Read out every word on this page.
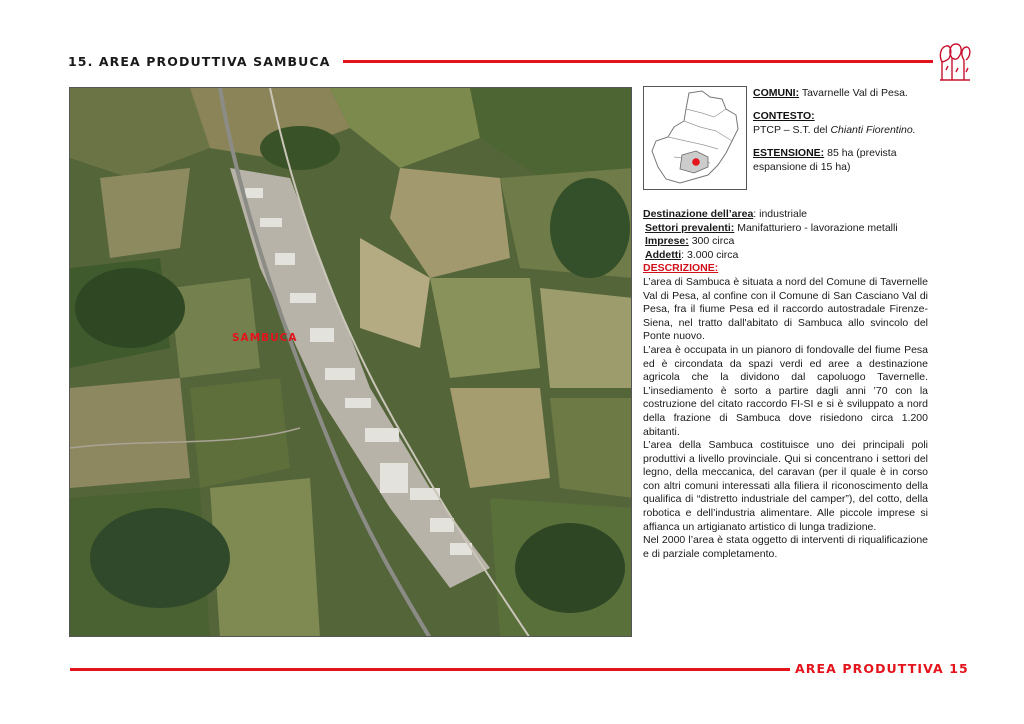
15. AREA PRODUTTIVA SAMBUCA
SAMBUCA
COMUNI: Tavarnelle Val di Pesa.
CONTESTO:
PTCP – S.T. del Chianti Fiorentino.
ESTENSIONE: 85 ha (prevista espansione di 15 ha)
Destinazione dell’area: industriale
Settori prevalenti: Manifatturiero - lavorazione metalli
Imprese: 300 circa
Addetti: 3.000 circa
DESCRIZIONE:

L’area di Sambuca è situata a nord del Comune di Tavernelle Val di Pesa, al confine con il Comune di San Casciano Val di Pesa, fra il fiume Pesa ed il raccordo autostradale Firenze-Siena, nel tratto dall'abitato di Sambuca allo svincolo del Ponte nuovo.

L’area è occupata in un pianoro di fondovalle del fiume Pesa ed è circondata da spazi verdi ed aree a destinazione agricola che la dividono dal capoluogo Tavernelle. L’insediamento è sorto a partire dagli anni ’70 con la costruzione del citato raccordo FI-SI e si è sviluppato a nord della frazione di Sambuca dove risiedono circa 1.200 abitanti.

L’area della Sambuca costituisce uno dei principali poli produttivi a livello provinciale. Qui si concentrano i settori del legno, della meccanica, del caravan (per il quale è in corso con altri comuni interessati alla filiera il riconoscimento della qualifica di “distretto industriale del camper”), del cotto, della robotica e dell’industria alimentare. Alle piccole imprese si affianca un artigianato artistico di lunga tradizione.

Nel 2000 l’area è stata oggetto di interventi di riqualificazione e di parziale completamento.

AREA PRODUTTIVA 15
